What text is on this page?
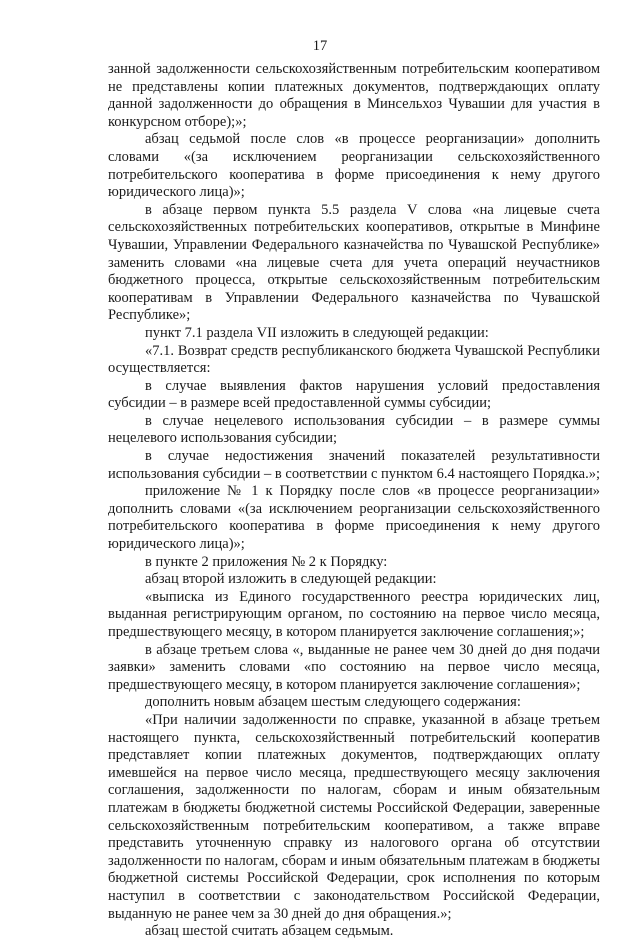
17

занной задолженности сельскохозяйственным потребительским кооперативом не представлены копии платежных документов, подтверждающих оплату данной задолженности до обращения в Минсельхоз Чувашии для участия в конкурсном отборе);»;

абзац седьмой после слов «в процессе реорганизации» дополнить словами «(за исключением реорганизации сельскохозяйственного потребительского кооператива в форме присоединения к нему другого юридического лица)»;

в абзаце первом пункта 5.5 раздела V слова «на лицевые счета сельскохозяйственных потребительских кооперативов, открытые в Минфине Чувашии, Управлении Федерального казначейства по Чувашской Республике» заменить словами «на лицевые счета для учета операций неучастников бюджетного процесса, открытые сельскохозяйственным потребительским кооперативам в Управлении Федерального казначейства по Чувашской Республике»;

пункт 7.1 раздела VII изложить в следующей редакции:

«7.1. Возврат средств республиканского бюджета Чувашской Республики осуществляется:

в случае выявления фактов нарушения условий предоставления субсидии – в размере всей предоставленной суммы субсидии;

в случае нецелевого использования субсидии – в размере суммы нецелевого использования субсидии;

в случае недостижения значений показателей результативности использования субсидии – в соответствии с пунктом 6.4 настоящего Порядка.»;

приложение № 1 к Порядку после слов «в процессе реорганизации» дополнить словами «(за исключением реорганизации сельскохозяйственного потребительского кооператива в форме присоединения к нему другого юридического лица)»;

в пункте 2 приложения № 2 к Порядку:

абзац второй изложить в следующей редакции:

«выписка из Единого государственного реестра юридических лиц, выданная регистрирующим органом, по состоянию на первое число месяца, предшествующего месяцу, в котором планируется заключение соглашения;»;

в абзаце третьем слова «, выданные не ранее чем 30 дней до дня подачи заявки» заменить словами «по состоянию на первое число месяца, предшествующего месяцу, в котором планируется заключение соглашения»;

дополнить новым абзацем шестым следующего содержания:

«При наличии задолженности по справке, указанной в абзаце третьем настоящего пункта, сельскохозяйственный потребительский кооператив представляет копии платежных документов, подтверждающих оплату имевшейся на первое число месяца, предшествующего месяцу заключения соглашения, задолженности по налогам, сборам и иным обязательным платежам в бюджеты бюджетной системы Российской Федерации, заверенные сельскохозяйственным потребительским кооперативом, а также вправе представить уточненную справку из налогового органа об отсутствии задолженности по налогам, сборам и иным обязательным платежам в бюджеты бюджетной системы Российской Федерации, срок исполнения по которым наступил в соответствии с законодательством Российской Федерации, выданную не ранее чем за 30 дней до дня обращения.»;

абзац шестой считать абзацем седьмым.
